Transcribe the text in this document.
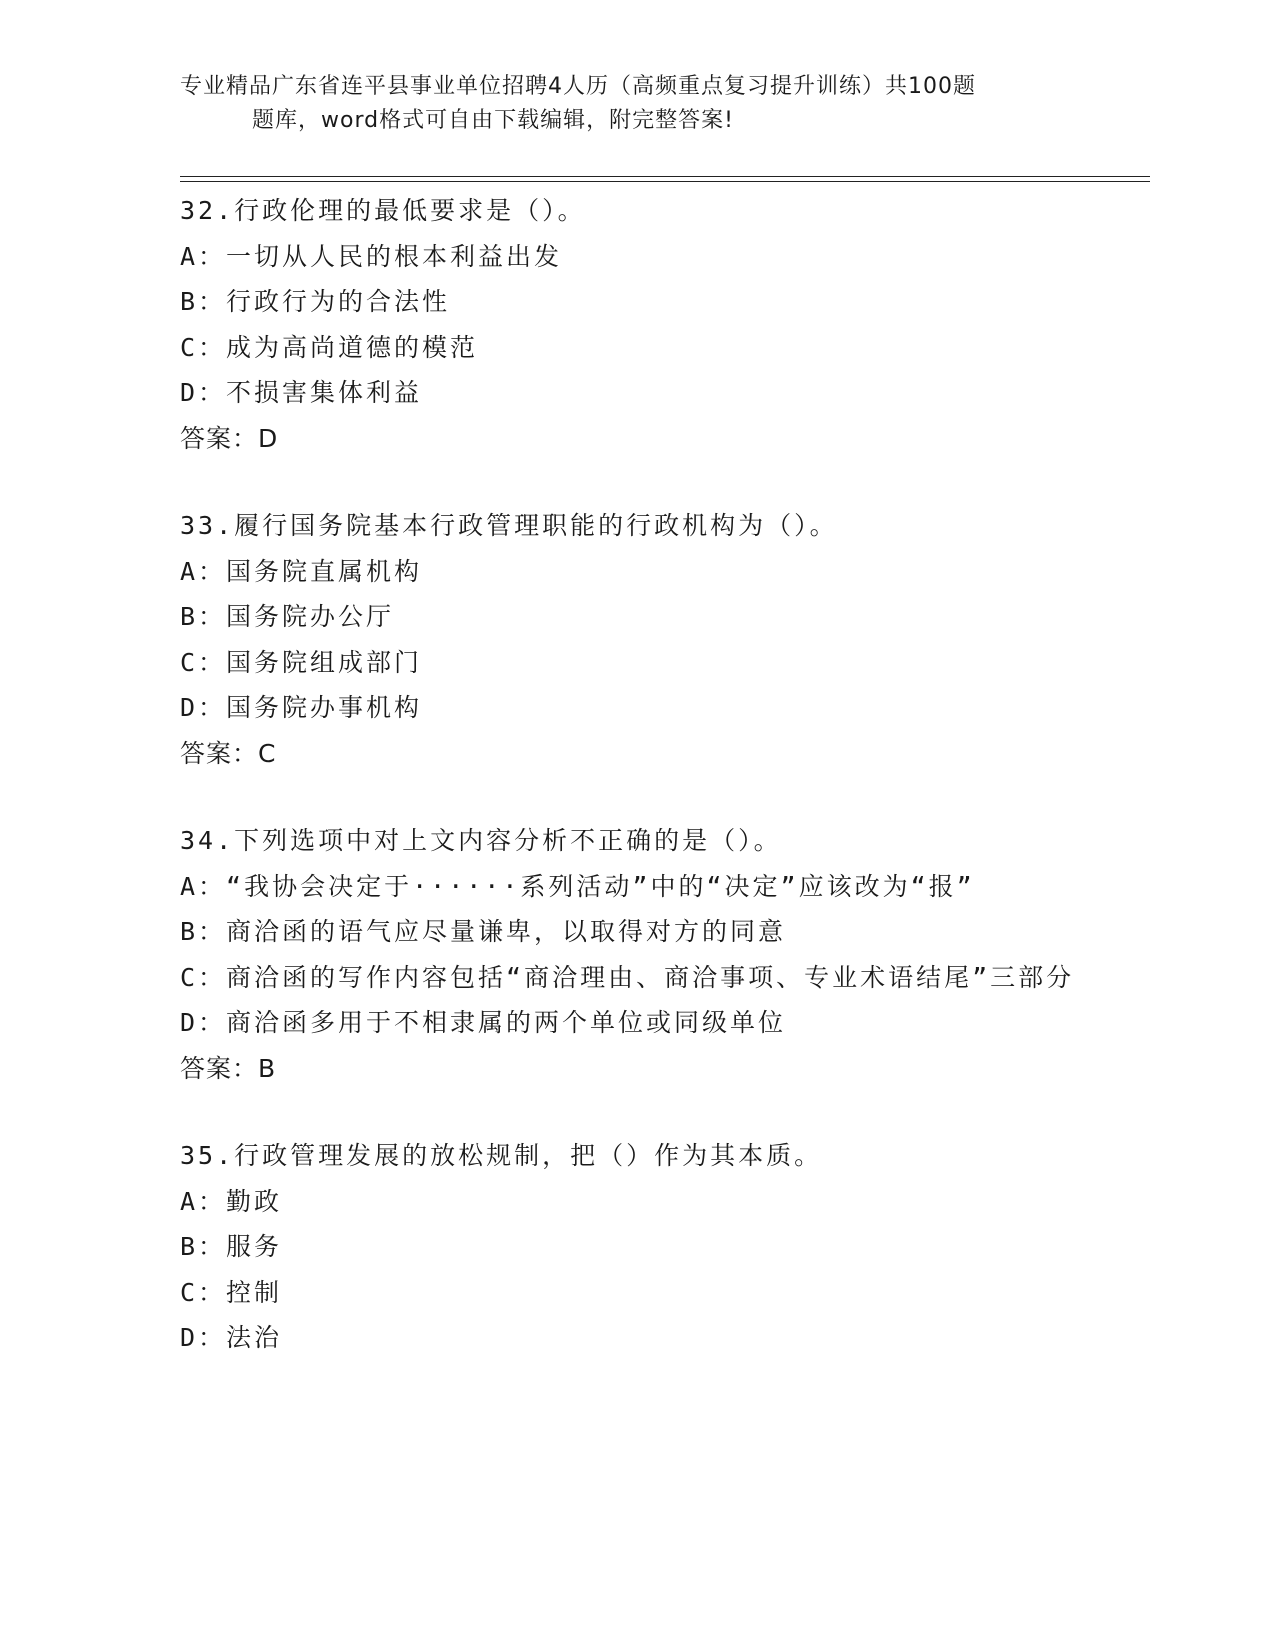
专业精品广东省连平县事业单位招聘4人历（高频重点复习提升训练）共100题
题库，word格式可自由下载编辑，附完整答案!
32.行政伦理的最低要求是（）。
A：一切从人民的根本利益出发
B：行政行为的合法性
C：成为高尚道德的模范
D：不损害集体利益
答案：D
33.履行国务院基本行政管理职能的行政机构为（）。
A：国务院直属机构
B：国务院办公厅
C：国务院组成部门
D：国务院办事机构
答案：C
34.下列选项中对上文内容分析不正确的是（）。
A：“我协会决定于······系列活动”中的“决定”应该改为“报”
B：商洽函的语气应尽量谦卑，以取得对方的同意
C：商洽函的写作内容包括“商洽理由、商洽事项、专业术语结尾”三部分
D：商洽函多用于不相隶属的两个单位或同级单位
答案：B
35.行政管理发展的放松规制，把（）作为其本质。
A：勤政
B：服务
C：控制
D：法治
